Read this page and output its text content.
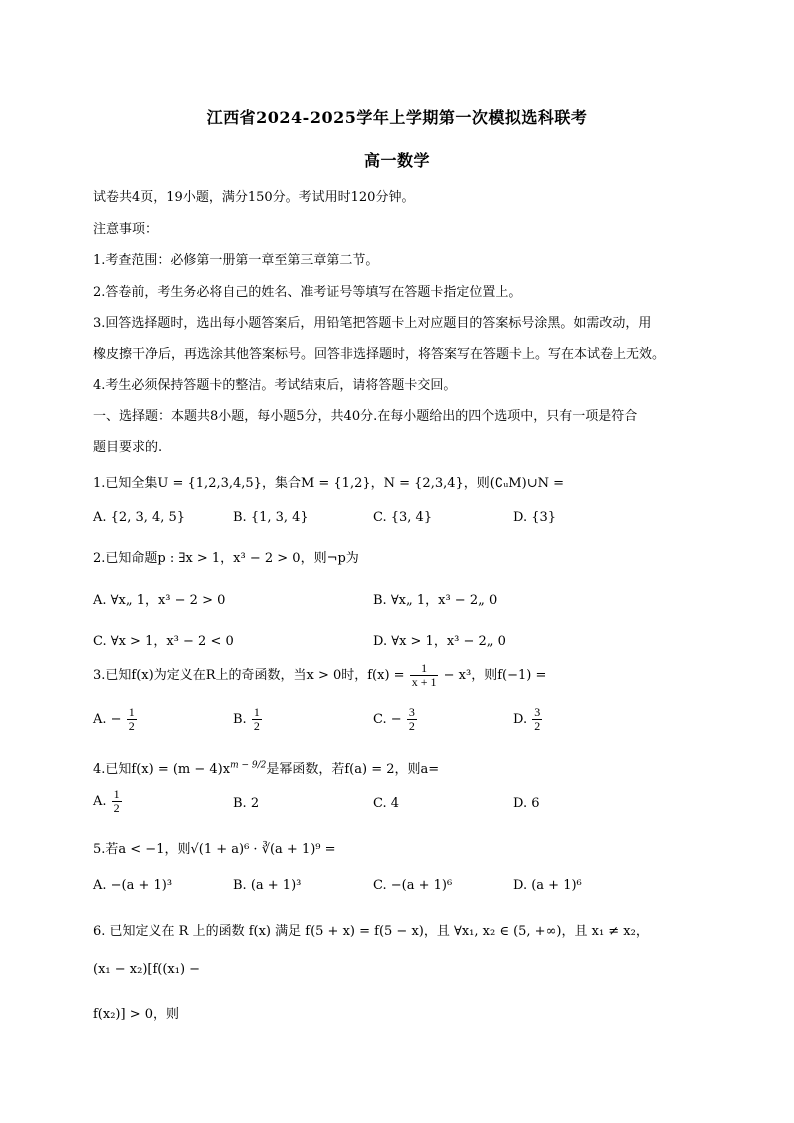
江西省2024-2025学年上学期第一次模拟选科联考
高一数学
试卷共4页，19小题，满分150分。考试用时120分钟。
注意事项：
1.考查范围：必修第一册第一章至第三章第二节。
2.答卷前，考生务必将自己的姓名、准考证号等填写在答题卡指定位置上。
3.回答选择题时，选出每小题答案后，用铅笔把答题卡上对应题目的答案标号涂黑。如需改动，用
橡皮擦干净后，再选涂其他答案标号。回答非选择题时，将答案写在答题卡上。写在本试卷上无效。
4.考生必须保持答题卡的整洁。考试结束后，请将答题卡交回。
一、选择题：本题共8小题，每小题5分，共40分.在每小题给出的四个选项中，只有一项是符合
题目要求的.
1.已知全集U = {1,2,3,4,5}，集合M = {1,2}，N = {2,3,4}，则(∁ᵤM)∪N =
A. {2, 3, 4, 5}	B. {1, 3, 4}	C. {3, 4}	D. {3}
2.已知命题p : ∃x > 1，x³ − 2 > 0，则¬p为
A. ∀x„ 1，x³ − 2 > 0	B. ∀x„ 1，x³ − 2„ 0
C. ∀x > 1，x³ − 2 < 0	D. ∀x > 1，x³ − 2„ 0
3.已知f(x)为定义在R上的奇函数，当x > 0时，$f(x) = \frac{1}{x + 1} - x^3$，则f(−1) =
A. − $\frac{1}{2}$	B. $\frac{1}{2}$	C. − $\frac{3}{2}$	D. $\frac{3}{2}$
4.已知$f(x) = (m - 4)x^{m - 9/2}$是幂函数，若f(a) = 2，则a=
A. $\frac{1}{2}$	B. 2	C. 4	D. 6
5.若a < −1，则√(1 + a)⁶ · ∛(a + 1)⁹ =
A. −(a + 1)³	B. (a + 1)³	C. −(a + 1)⁶	D. (a + 1)⁶
6. 已知定义在 R 上的函数 f(x) 满足 f(5 + x) = f(5 − x)，且 ∀x₁, x₂ ∈ (5, +∞)，且 x₁ ≠ x₂，
(x₁ − x₂)[f((x₁) −
f(x₂)] > 0，则
